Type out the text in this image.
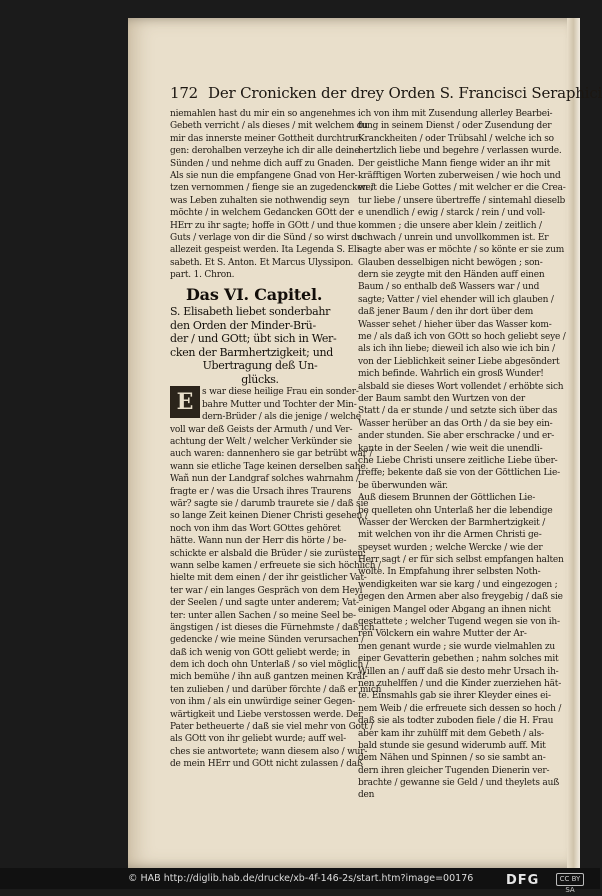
172 Der Cronicken der drey Orden S. Francisci Seraphici
niemahlen hast du mir ein so angenehmes
Gebeth verricht / als dieses / mit welchem du
mir das innerste meiner Gottheit durchtrun-
gen: derohalben verzeyhe ich dir alle deine
Sünden / und nehme dich auff zu Gnaden.
Als sie nun die empfangene Gnad von Her-
tzen vernommen / fienge sie an zugedencken /
was Leben zuhalten sie nothwendig seyn
möchte / in welchem Gedancken GOtt der
HErr zu ihr sagte; hoffe in GOtt / und thue
Guts / verlage von dir die Sünd / so wirst du
allezeit gespeist werden. Ita Legenda S. Eli-
sabeth. Et S. Anton. Et Marcus Ulyssipon.
part. 1. Chron.
Das VI. Capitel.
S. Elisabeth liebet sonderbahr
den Orden der Minder-Brü-
der / und GOtt; übt sich in Wer-
cken der Barmhertzigkeit; und
Ubertragung deß Un-
glücks.
E s war diese heilige Frau ein sonder-
bahre Mutter und Tochter der Min-
dern-Brüder / als die jenige / welche
voll war deß Geists der Armuth / und Ver-
achtung der Welt / welcher Verkünder sie
auch waren: dannenhero sie gar betrübt war /
wann sie etliche Tage keinen derselben sahe.
Wañ nun der Landgraf solches wahrnahm /
fragte er / was die Ursach ihres Traurens
wär? sagte sie / darumb traurete sie / daß sie
so lange Zeit keinen Diener Christi gesehen /
noch von ihm das Wort GOttes gehöret
hätte. Wann nun der Herr dis hörte / be-
schickte er alsbald die Brüder / sie zurüsten;
wann selbe kamen / erfreuete sie sich höchlich /
hielte mit dem einen / der ihr geistlicher Vat-
ter war / ein langes Gespräch von dem Heyl
der Seelen / und sagte unter anderem; Vat-
ter: unter allen Sachen / so meine Seel be-
ängstigen / ist dieses die Fürnehmste / daß ich
gedencke / wie meine Sünden verursachen /
daß ich wenig von GOtt geliebt werde; in
dem ich doch ohn Unterlaß / so viel möglich /
mich bemühe / ihn auß gantzen meinen Kräf-
ten zulieben / und darüber förchte / daß er mich
von ihm / als ein unwürdige seiner Gegen-
wärtigkeit und Liebe verstossen werde. Der
Pater betheuerte / daß sie viel mehr von Gott /
als GOtt von ihr geliebt wurde; auff wel-
ches sie antwortete; wann diesem also / wur-
de mein HErr und GOtt nicht zulassen / daß
ich von ihm mit Zusendung allerley Bearbei-
tung in seinem Dienst / oder Zusendung der
Kranckheiten / oder Trübsahl / welche ich so
hertzlich liebe und begehre / verlassen wurde.
Der geistliche Mann fienge wider an ihr mit
kräfftigen Worten zuberweisen / wie hoch und
weit die Liebe Gottes / mit welcher er die Crea-
tur liebe / unsere übertreffe / sintemahl dieselb
e unendlich / ewig / starck / rein / und voll-
kommen ; die unsere aber klein / zeitlich /
schwach / unrein und unvollkommen ist. Er
sagte aber was er möchte / so könte er sie zum
Glauben desselbigen nicht bewögen ; son-
dern sie zeygte mit den Händen auff einen
Baum / so enthalb deß Wassers war / und
sagte; Vatter / viel ehender will ich glauben /
daß jener Baum / den ihr dort über dem
Wasser sehet / hieher über das Wasser kom-
me / als daß ich von GOtt so hoch geliebt seye /
als ich ihn liebe; dieweil ich also wie ich bin /
von der Lieblichkeit seiner Liebe abgesöndert
mich befinde. Wahrlich ein grosß Wunder!
alsbald sie dieses Wort vollendet / erhöbte sich
der Baum sambt den Wurtzen von der
Statt / da er stunde / und setzte sich über das
Wasser herüber an das Orth / da sie bey ein-
ander stunden. Sie aber erschracke / und er-
kante in der Seelen / wie weit die unendli-
che Liebe Christi unsere zeitliche Liebe über-
treffe; bekente daß sie von der Göttlichen Lie-
be überwunden wär.
Auß diesem Brunnen der Göttlichen Lie-
be quelleten ohn Unterlaß her die lebendige
Wasser der Wercken der Barmhertzigkeit /
mit welchen von ihr die Armen Christi ge-
speyset wurden ; welche Wercke / wie der
Herr sagt / er für sich selbst empfangen halten
wolte. In Empfahung ihrer selbsten Noth-
wendigkeiten war sie karg / und eingezogen ;
gegen den Armen aber also freygebig / daß sie
einigen Mangel oder Abgang an ihnen nicht
gestattete ; welcher Tugend wegen sie von ih-
ren Völckern ein wahre Mutter der Ar-
men genant wurde ; sie wurde vielmahlen zu
einer Gevatterin gebethen ; nahm solches mit
Willen an / auff daß sie desto mehr Ursach ih-
nen zuhelffen / und die Kinder zuerziehen hät-
te. Einsmahls gab sie ihrer Kleyder eines ei-
nem Weib / die erfreuete sich dessen so hoch /
daß sie als todter zuboden fiele / die H. Frau
aber kam ihr zuhülff mit dem Gebeth / als-
bald stunde sie gesund widerumb auff. Mit
dem Nähen und Spinnen / so sie sambt an-
dern ihren gleicher Tugenden Dienerin ver-
brachte / gewanne sie Geld / und theylets auß
den
© HAB http://diglib.hab.de/drucke/xb-4f-146-2s/start.htm?image=00176	DFG	CC BY SA
